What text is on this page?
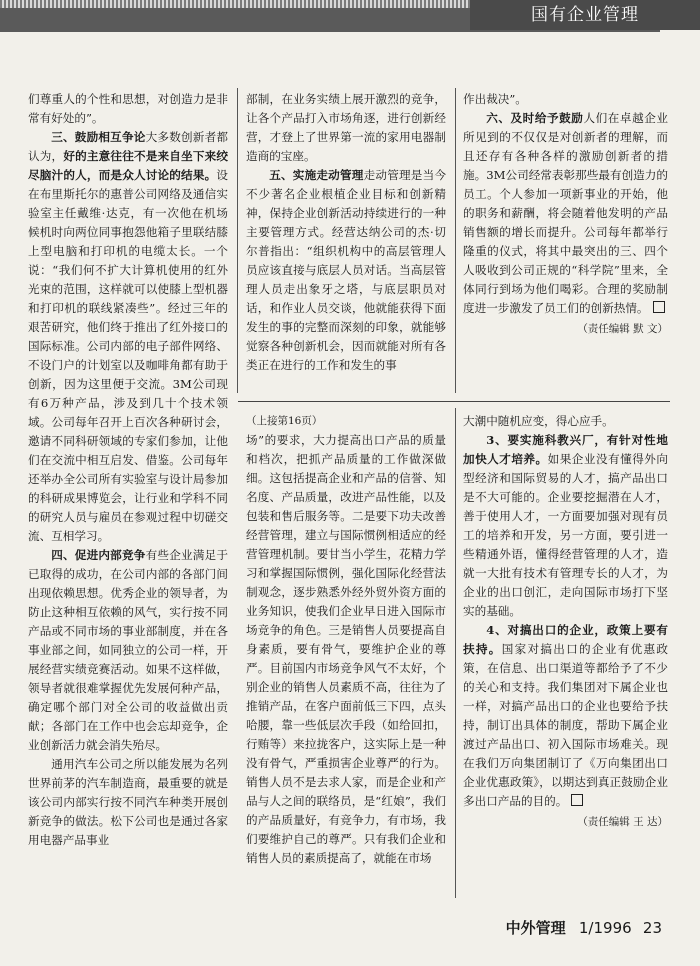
国有企业管理

们尊重人的个性和思想，对创造力是非常有好处的”。

三、鼓励相互争论大多数创新者都认为，好的主意往往不是来自坐下来绞尽脑汁的人，而是众人讨论的结果。设在布里斯托尔的惠普公司网络及通信实验室主任戴维·达克，有一次他在机场候机时向两位同事抱怨他箱子里联结膝上型电脑和打印机的电缆太长。一个说：“我们何不扩大计算机使用的红外光束的范围，这样就可以使膝上型机器和打印机的联线紧凑些”。经过三年的艰苦研究，他们终于推出了红外接口的国际标准。公司内部的电子部件网络、不设门户的计划室以及咖啡角都有助于创新，因为这里便于交流。3M公司现有6万种产品，涉及到几十个技术领域。公司每年召开上百次各种研讨会，邀请不同科研领域的专家们参加，让他们在交流中相互启发、借鉴。公司每年还举办全公司所有实验室与设计局参加的科研成果博览会，让行业和学科不同的研究人员与雇员在参观过程中切磋交流、互相学习。

四、促进内部竞争有些企业满足于已取得的成功，在公司内部的各部门间出现依赖思想。优秀企业的领导者，为防止这种相互依赖的风气，实行按不同产品或不同市场的事业部制度，并在各事业部之间，如同独立的公司一样，开展经营实绩竞赛活动。如果不这样做，领导者就很难掌握优先发展何种产品，确定哪个部门对全公司的收益做出贡献；各部门在工作中也会忘却竞争，企业创新活力就会消失殆尽。

通用汽车公司之所以能发展为名列世界前茅的汽车制造商，最重要的就是该公司内部实行按不同汽车种类开展创新竞争的做法。松下公司也是通过各家用电器产品事业

部制，在业务实绩上展开激烈的竞争，让各个产品打入市场角逐，进行创新经营，才登上了世界第一流的家用电器制造商的宝座。

五、实施走动管理走动管理是当今不少著名企业根植企业目标和创新精神，保持企业创新活动持续进行的一种主要管理方式。经营达纳公司的杰·切尔普指出：“组织机构中的高层管理人员应该直接与底层人员对话。当高层管理人员走出象牙之塔，与底层职员对话，和作业人员交谈，他就能获得下面发生的事的完整而深刻的印象，就能够觉察各种创新机会，因而就能对所有各类正在进行的工作和发生的事

作出裁决”。

六、及时给予鼓励人们在卓越企业所见到的不仅仅是对创新者的理解，而且还存有各种各样的激励创新者的措施。3M公司经常表彰那些最有创造力的员工。个人参加一项新事业的开始，他的职务和薪酬，将会随着他发明的产品销售额的增长而提升。公司每年都举行隆重的仪式，将其中最突出的三、四个人吸收到公司正规的“科学院”里来，全体同行到场为他们喝彩。合理的奖励制度进一步激发了员工们的创新热情。

（责任编辑 默 文）
（上接第16页）

场”的要求，大力提高出口产品的质量和档次，把抓产品质量的工作做深做细。这包括提高企业和产品的信誉、知名度、产品质量，改进产品性能，以及包装和售后服务等。二是要下功夫改善经营管理，建立与国际惯例相适应的经营管理机制。要甘当小学生，花精力学习和掌握国际惯例，强化国际化经营法制观念，逐步熟悉外经外贸外资方面的业务知识，使我们企业早日进入国际市场竞争的角色。三是销售人员要提高自身素质，要有骨气，要维护企业的尊严。目前国内市场竞争风气不太好，个别企业的销售人员素质不高，往往为了推销产品，在客户面前低三下四，点头哈腰，靠一些低层次手段（如给回扣，行贿等）来拉拢客户，这实际上是一种没有骨气，严重损害企业尊严的行为。销售人员不是去求人家，而是企业和产品与人之间的联络员，是“红娘”，我们的产品质量好，有竞争力，有市场，我们要维护自己的尊严。只有我们企业和销售人员的素质提高了，就能在市场

大潮中随机应变，得心应手。

3、要实施科教兴厂，有针对性地加快人才培养。如果企业没有懂得外向型经济和国际贸易的人才，搞产品出口是不大可能的。企业要挖掘潜在人才，善于使用人才，一方面要加强对现有员工的培养和开发，另一方面，要引进一些精通外语，懂得经营管理的人才，造就一大批有技术有管理专长的人才，为企业的出口创汇，走向国际市场打下坚实的基础。

4、对搞出口的企业，政策上要有扶持。国家对搞出口的企业有优惠政策，在信息、出口渠道等都给予了不少的关心和支持。我们集团对下属企业也一样，对搞产品出口的企业也要给予扶持，制订出具体的制度，帮助下属企业渡过产品出口、初入国际市场难关。现在我们万向集团制订了《万向集团出口企业优惠政策》，以期达到真正鼓励企业多出口产品的目的。

（责任编辑 王 达）
中外管理 1/1996 23
